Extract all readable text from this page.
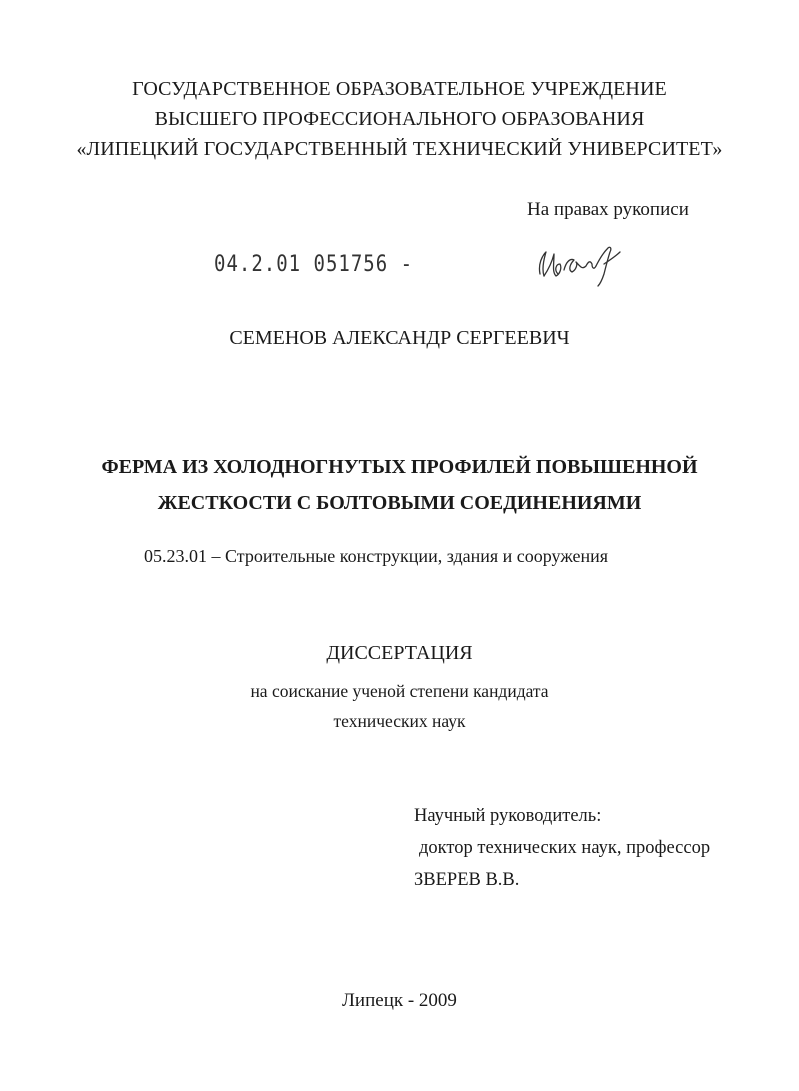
ГОСУДАРСТВЕННОЕ ОБРАЗОВАТЕЛЬНОЕ УЧРЕЖДЕНИЕ
ВЫСШЕГО ПРОФЕССИОНАЛЬНОГО ОБРАЗОВАНИЯ
«ЛИПЕЦКИЙ ГОСУДАРСТВЕННЫЙ ТЕХНИЧЕСКИЙ УНИВЕРСИТЕТ»
На правах рукописи
04.2.01 051756 -
СЕМЕНОВ АЛЕКСАНДР СЕРГЕЕВИЧ
ФЕРМА ИЗ ХОЛОДНОГНУТЫХ ПРОФИЛЕЙ ПОВЫШЕННОЙ
ЖЕСТКОСТИ С БОЛТОВЫМИ СОЕДИНЕНИЯМИ
05.23.01 – Строительные конструкции, здания и сооружения
ДИССЕРТАЦИЯ
на соискание ученой степени кандидата
технических наук
Научный руководитель:
доктор технических наук, профессор
ЗВЕРЕВ В.В.
Липецк - 2009
